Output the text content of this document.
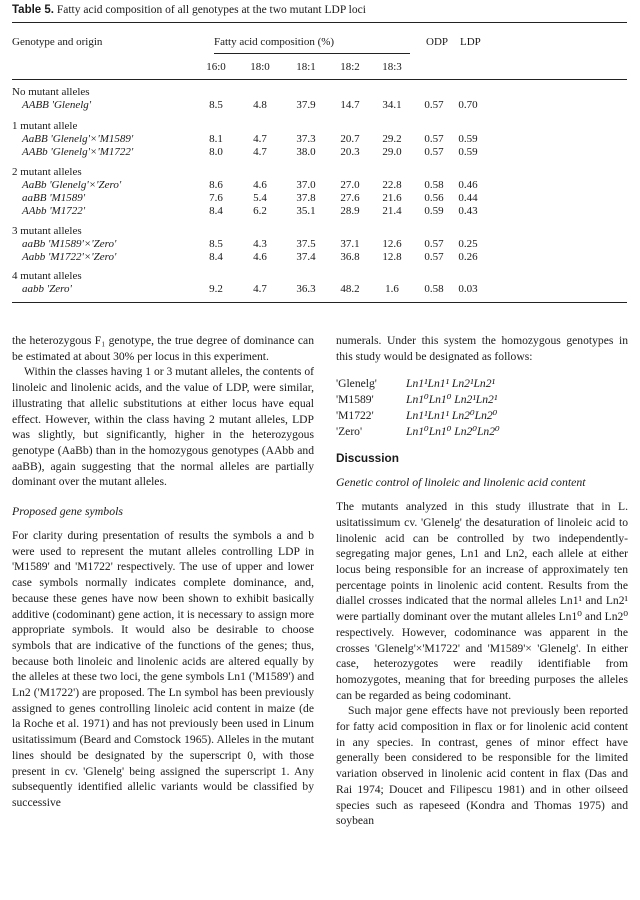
Table 5. Fatty acid composition of all genotypes at the two mutant LDP loci
Genotype and origin	Fatty acid composition (%)	ODP LDP
16:0	18:0	18:1	18:2	18:3
No mutant alleles
AABB 'Glenelg'	8.5	4.8	37.9	14.7	34.1	0.57	0.70
1 mutant allele
AaBB 'Glenelg'×'M1589'	8.1	4.7	37.3	20.7	29.2	0.57	0.59
AABb 'Glenelg'×'M1722'	8.0	4.7	38.0	20.3	29.0	0.57	0.59
2 mutant alleles
AaBb 'Glenelg'×'Zero'	8.6	4.6	37.0	27.0	22.8	0.58	0.46
aaBB 'M1589'	7.6	5.4	37.8	27.6	21.6	0.56	0.44
AAbb 'M1722'	8.4	6.2	35.1	28.9	21.4	0.59	0.43
3 mutant alleles
aaBb 'M1589'×'Zero'	8.5	4.3	37.5	37.1	12.6	0.57	0.25
Aabb 'M1722'×'Zero'	8.4	4.6	37.4	36.8	12.8	0.57	0.26
4 mutant alleles
aabb 'Zero'	9.2	4.7	36.3	48.2	1.6	0.58	0.03

the heterozygous F₁ genotype, the true degree of dominance can be estimated at about 30% per locus in this experiment.

Within the classes having 1 or 3 mutant alleles, the contents of linoleic and linolenic acids, and the value of LDP, were similar, illustrating that allelic substitutions at either locus have equal effect. However, within the class having 2 mutant alleles, LDP was slightly, but significantly, higher in the heterozygous genotype (AaBb) than in the homozygous genotypes (AAbb and aaBB), again suggesting that the normal alleles are partially dominant over the mutant alleles.

Proposed gene symbols

For clarity during presentation of results the symbols a and b were used to represent the mutant alleles controlling LDP in 'M1589' and 'M1722' respectively. The use of upper and lower case symbols normally indicates complete dominance, and, because these genes have now been shown to exhibit basically additive (codominant) gene action, it is necessary to assign more appropriate symbols. It would also be desirable to choose symbols that are indicative of the functions of the genes; thus, because both linoleic and linolenic acids are altered equally by the alleles at these two loci, the gene symbols Ln1 ('M1589') and Ln2 ('M1722') are proposed. The Ln symbol has been previously assigned to genes controlling linoleic acid content in maize (de la Roche et al. 1971) and has not previously been used in Linum usitatissimum (Beard and Comstock 1965). Alleles in the mutant lines should be designated by the superscript 0, with those present in cv. 'Glenelg' being assigned the superscript 1. Any subsequently identified allelic variants would be classified by successive

numerals. Under this system the homozygous genotypes in this study would be designated as follows:

'Glenelg'	Ln1¹Ln1¹ Ln2¹Ln2¹
'M1589'	Ln1⁰Ln1⁰ Ln2¹Ln2¹
'M1722'	Ln1¹Ln1¹ Ln2⁰Ln2⁰
'Zero'	Ln1⁰Ln1⁰ Ln2⁰Ln2⁰
Discussion
Genetic control of linoleic and linolenic acid content

The mutants analyzed in this study illustrate that in L. usitatissimum cv. 'Glenelg' the desaturation of linoleic acid to linolenic acid can be controlled by two independently-segregating major genes, Ln1 and Ln2, each allele at either locus being responsible for an increase of approximately ten percentage points in linolenic acid content. Results from the diallel crosses indicated that the normal alleles Ln1¹ and Ln2¹ were partially dominant over the mutant alleles Ln1⁰ and Ln2⁰ respectively. However, codominance was apparent in the crosses 'Glenelg'×'M1722' and 'M1589'× 'Glenelg'. In either case, heterozygotes were readily identifiable from homozygotes, meaning that for breeding purposes the alleles can be regarded as being codominant.

Such major gene effects have not previously been reported for fatty acid composition in flax or for linolenic acid content in any species. In contrast, genes of minor effect have generally been considered to be responsible for the limited variation observed in linolenic acid content in flax (Das and Rai 1974; Doucet and Filipescu 1981) and in other oilseed species such as rapeseed (Kondra and Thomas 1975) and soybean
